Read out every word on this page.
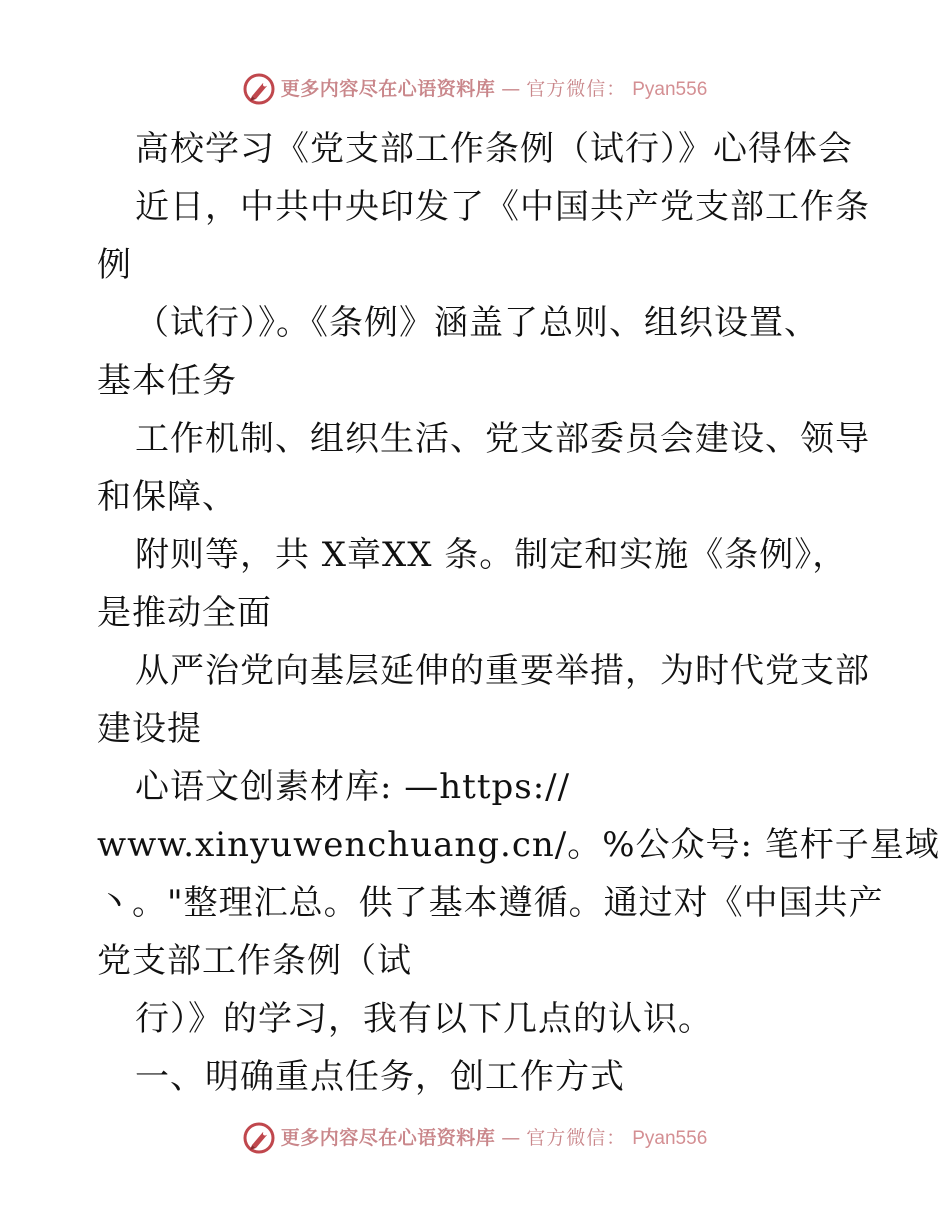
更多内容尽在心语资料库 — 官方微信： Pyan556
高校学习《党支部工作条例（试行）》心得体会
近日，中共中央印发了《中国共产党支部工作条
例
（试行）》。《条例》涵盖了总则、组织设置、
基本任务
工作机制、组织生活、党支部委员会建设、领导
和保障、
附则等，共 X章XX 条。制定和实施《条例》，
是推动全面
从严治党向基层延伸的重要举措，为时代党支部
建设提
心语文创素材库: —https://
www.xinyuwenchuang.cn/。%公众号: 笔杆子星域
丶。"整理汇总。供了基本遵循。通过对《中国共产
党支部工作条例（试
行）》的学习，我有以下几点的认识。
一、明确重点任务，创工作方式
更多内容尽在心语资料库 — 官方微信： Pyan556
